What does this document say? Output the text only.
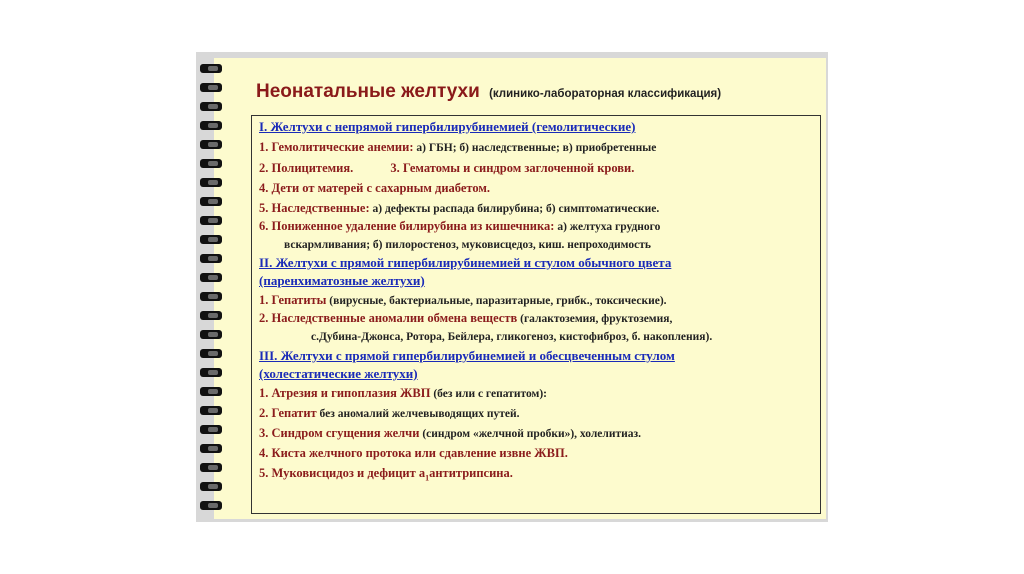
Неонатальные желтухи (клинико-лабораторная классификация)
I. Желтухи с непрямой гипербилирубинемией (гемолитические)
1. Гемолитические анемии: а) ГБН; б) наследственные; в) приобретенные
2. Полицитемия.	3. Гематомы и синдром заглоченной крови.
4. Дети от матерей с сахарным диабетом.
5. Наследственные: а) дефекты распада билирубина; б) симптоматические.
6. Пониженное удаление билирубина из кишечника: а) желтуха грудного
вскармливания; б) пилоростеноз, муковисцедоз, киш. непроходимость
II. Желтухи с прямой гипербилирубинемией и стулом обычного цвета
(паренхиматозные желтухи)
1. Гепатиты (вирусные, бактериальные, паразитарные, грибк., токсические).
2. Наследственные аномалии обмена веществ (галактоземия, фруктоземия,
с.Дубина-Джонса, Ротора, Бейлера, гликогеноз, кистофиброз, б. накопления).
III. Желтухи с прямой гипербилирубинемией и обесцвеченным стулом
(холестатические желтухи)
1. Атрезия и гипоплазия ЖВП (без или с гепатитом):
2. Гепатит без аномалий желчевыводящих путей.
3. Синдром сгущения желчи (синдром «желчной пробки»), холелитиаз.
4. Киста желчного протока или сдавление извне ЖВП.
5. Муковисцидоз и дефицит $а_1антитрипсина$.
